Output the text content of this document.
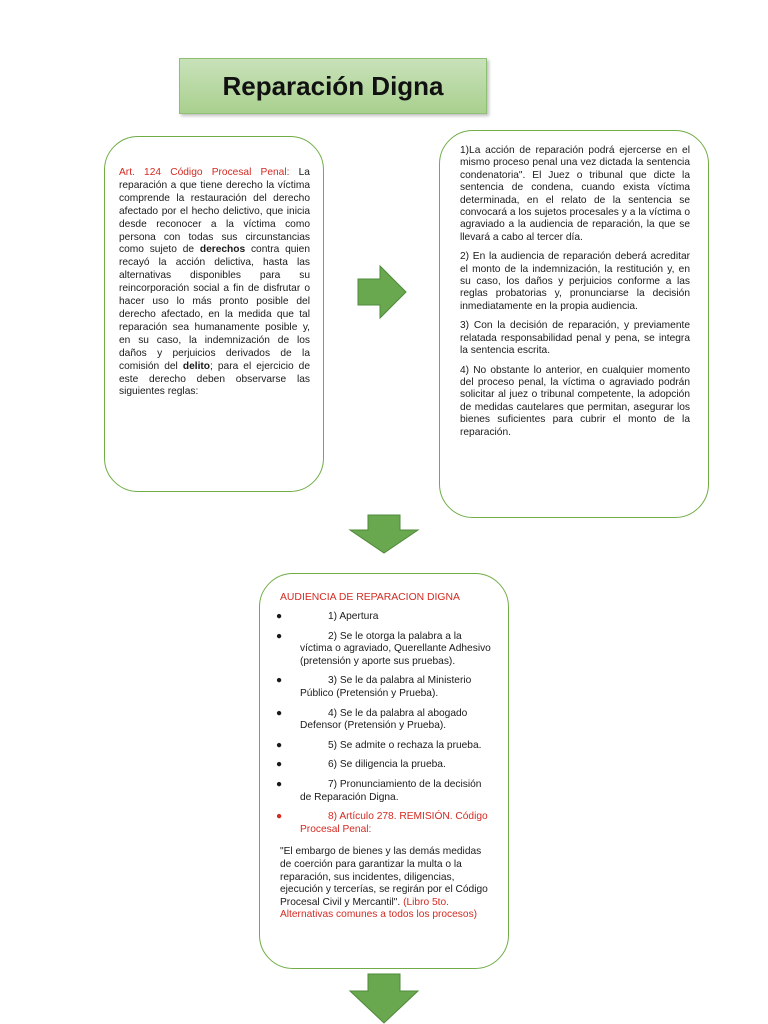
Reparación Digna
Art. 124 Código Procesal Penal: La reparación a que tiene derecho la víctima comprende la restauración del derecho afectado por el hecho delictivo, que inicia desde reconocer a la víctima como persona con todas sus circunstancias como sujeto de derechos contra quien recayó la acción delictiva, hasta las alternativas disponibles para su reincorporación social a fin de disfrutar o hacer uso lo más pronto posible del derecho afectado, en la medida que tal reparación sea humanamente posible y, en su caso, la indemnización de los daños y perjuicios derivados de la comisión del delito; para el ejercicio de este derecho deben observarse las siguientes reglas:

1)La acción de reparación podrá ejercerse en el mismo proceso penal una vez dictada la sentencia condenatoria". El Juez o tribunal que dicte la sentencia de condena, cuando exista víctima determinada, en el relato de la sentencia se convocará a los sujetos procesales y a la víctima o agraviado a la audiencia de reparación, la que se llevará a cabo al tercer día.

2) En la audiencia de reparación deberá acreditar el monto de la indemnización, la restitución y, en su caso, los daños y perjuicios conforme a las reglas probatorias y, pronunciarse la decisión inmediatamente en la propia audiencia.

3) Con la decisión de reparación, y previamente relatada responsabilidad penal y pena, se integra la sentencia escrita.

4) No obstante lo anterior, en cualquier momento del proceso penal, la víctima o agraviado podrán solicitar al juez o tribunal competente, la adopción de medidas cautelares que permitan, asegurar los bienes suficientes para cubrir el monto de la reparación.

AUDIENCIA DE REPARACION DIGNA
●	1) Apertura
●	2) Se le otorga la palabra a la víctima o agraviado, Querellante Adhesivo (pretensión y aporte sus pruebas).
●	3) Se le da palabra al Ministerio Público (Pretensión y Prueba).
●	4) Se le da palabra al abogado Defensor (Pretensión y Prueba).
●	5) Se admite o rechaza la prueba.
●	6) Se diligencia la prueba.
●	7) Pronunciamiento de la decisión de Reparación Digna.
●	8) Artículo 278. REMISIÓN. Código Procesal Penal:
"El embargo de bienes y las demás medidas de coerción para garantizar la multa o la reparación, sus incidentes, diligencias, ejecución y tercerías, se regirán por el Código Procesal Civil y Mercantil". (Libro 5to. Alternativas comunes a todos los procesos)
